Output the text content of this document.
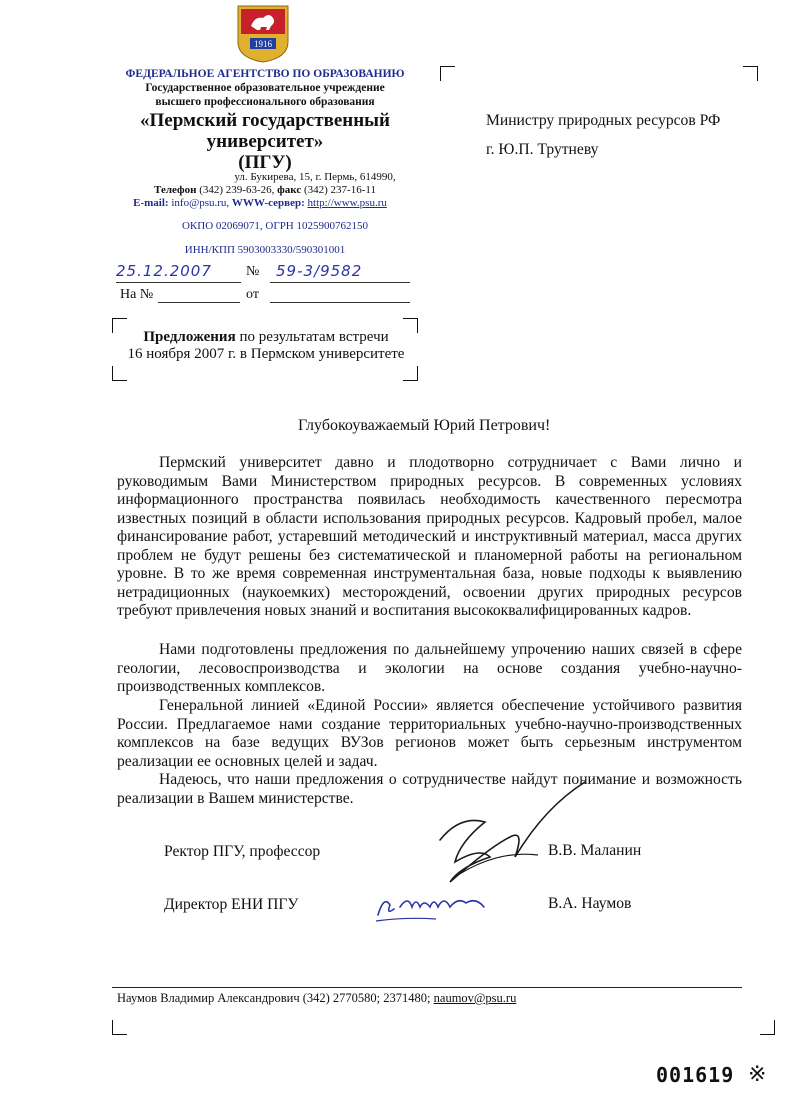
1916
ФЕДЕРАЛЬНОЕ АГЕНТСТВО ПО ОБРАЗОВАНИЮ
Государственное образовательное учреждение
высшего профессионального образования
«Пермский государственный
университет»
(ПГУ)
ул. Букирева, 15, г. Пермь, 614990,
Телефон (342) 239-63-26, факс (342) 237-16-11
E-mail: info@psu.ru, WWW-сервер: http://www.psu.ru
ОКПО 02069071, ОГРН 1025900762150
ИНН/КПП 5903003330/590301001
25.12.2007	№ 59-3/9582
На №	от
Предложения по результатам встречи
16 ноября 2007 г. в Пермском университете
Министру природных ресурсов РФ
г. Ю.П. Трутневу
Глубокоуважаемый Юрий Петрович!

Пермский университет давно и плодотворно сотрудничает с Вами лично и руководимым Вами Министерством природных ресурсов. В современных условиях информационного пространства появилась необходимость качественного пересмотра известных позиций в области использования природных ресурсов. Кадровый пробел, малое финансирование работ, устаревший методический и инструктивный материал, масса других проблем не будут решены без систематической и планомерной работы на региональном уровне. В то же время современная инструментальная база, новые подходы к выявлению нетрадиционных (наукоемких) месторождений, освоении других природных ресурсов требуют привлечения новых знаний и воспитания высококвалифицированных кадров.

Нами подготовлены предложения по дальнейшему упрочению наших связей в сфере геологии, лесовоспроизводства и экологии на основе создания учебно-научно-производственных комплексов.

Генеральной линией «Единой России» является обеспечение устойчивого развития России. Предлагаемое нами создание территориальных учебно-научно-производственных комплексов на базе ведущих ВУЗов регионов может быть серьезным инструментом реализации ее основных целей и задач.

Надеюсь, что наши предложения о сотрудничестве найдут понимание и возможность реализации в Вашем министерстве.

Ректор ПГУ, профессор	В.В. Маланин
Директор ЕНИ ПГУ	В.А. Наумов
Наумов Владимир Александрович (342) 2770580; 2371480; naumov@psu.ru
001619 ※
